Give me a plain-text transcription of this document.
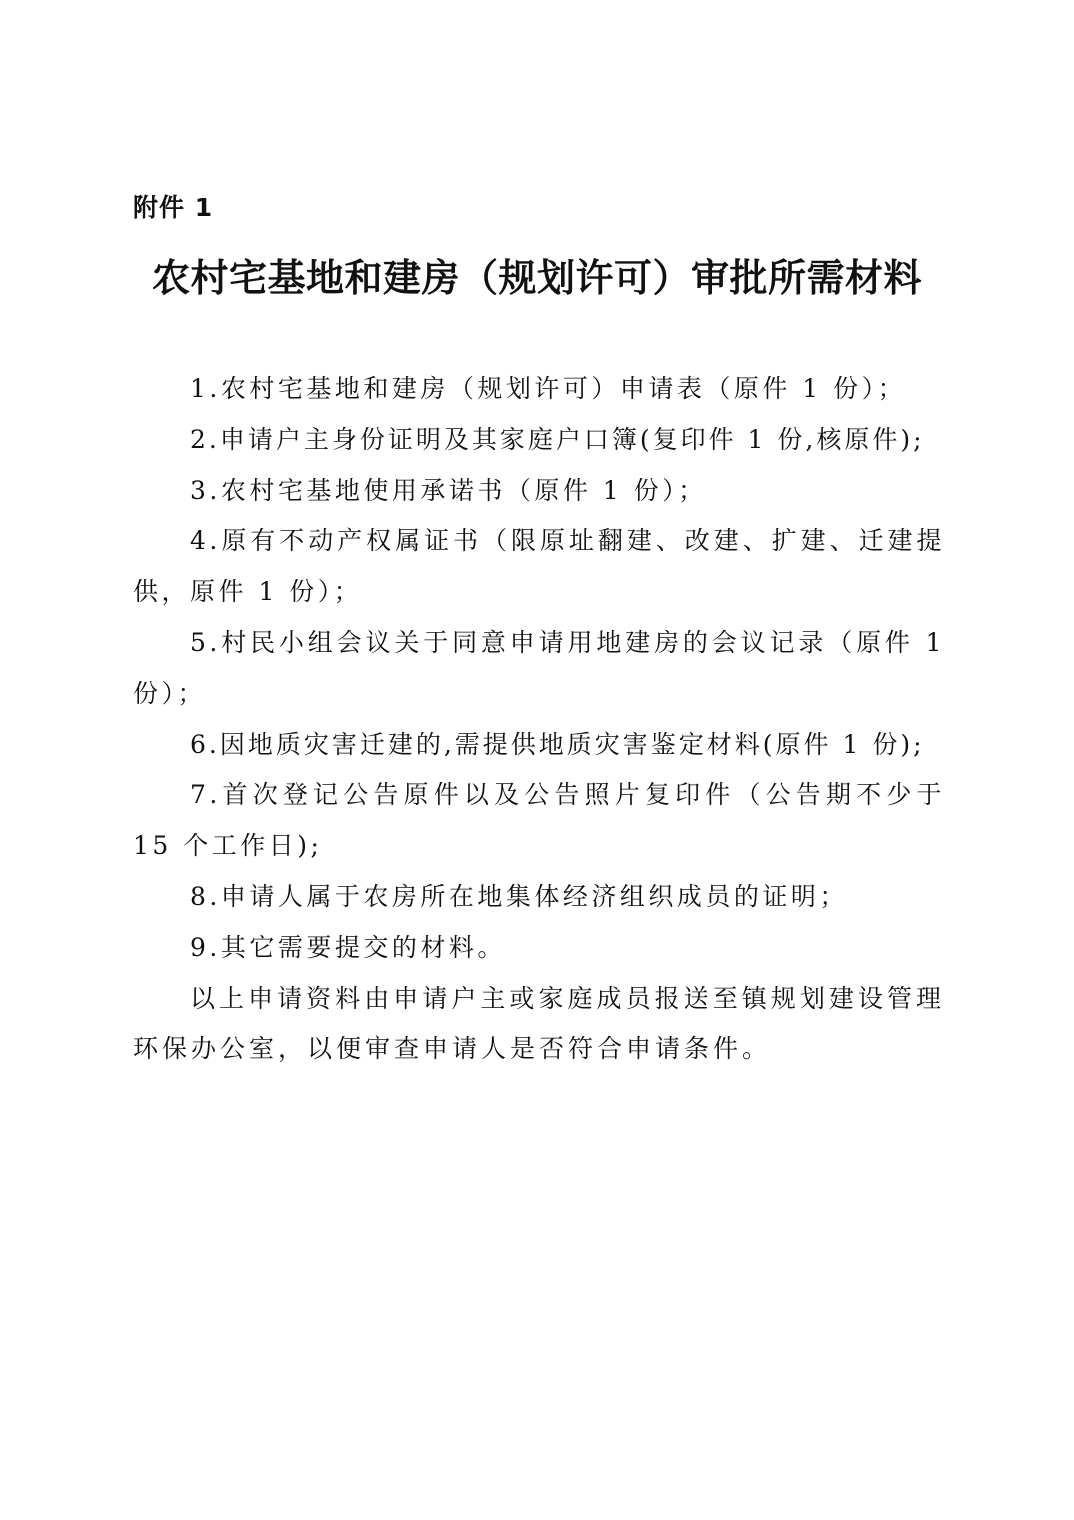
附件 1
农村宅基地和建房（规划许可）审批所需材料

1.农村宅基地和建房（规划许可）申请表（原件 1 份）；

2.申请户主身份证明及其家庭户口簿(复印件 1 份,核原件);

3.农村宅基地使用承诺书（原件 1 份）；

4.原有不动产权属证书（限原址翻建、改建、扩建、迁建提供，原件 1 份）；

5.村民小组会议关于同意申请用地建房的会议记录（原件 1 份）；

6.因地质灾害迁建的,需提供地质灾害鉴定材料(原件 1 份);

7.首次登记公告原件以及公告照片复印件（公告期不少于 15 个工作日);

8.申请人属于农房所在地集体经济组织成员的证明；

9.其它需要提交的材料。

以上申请资料由申请户主或家庭成员报送至镇规划建设管理环保办公室，以便审查申请人是否符合申请条件。
